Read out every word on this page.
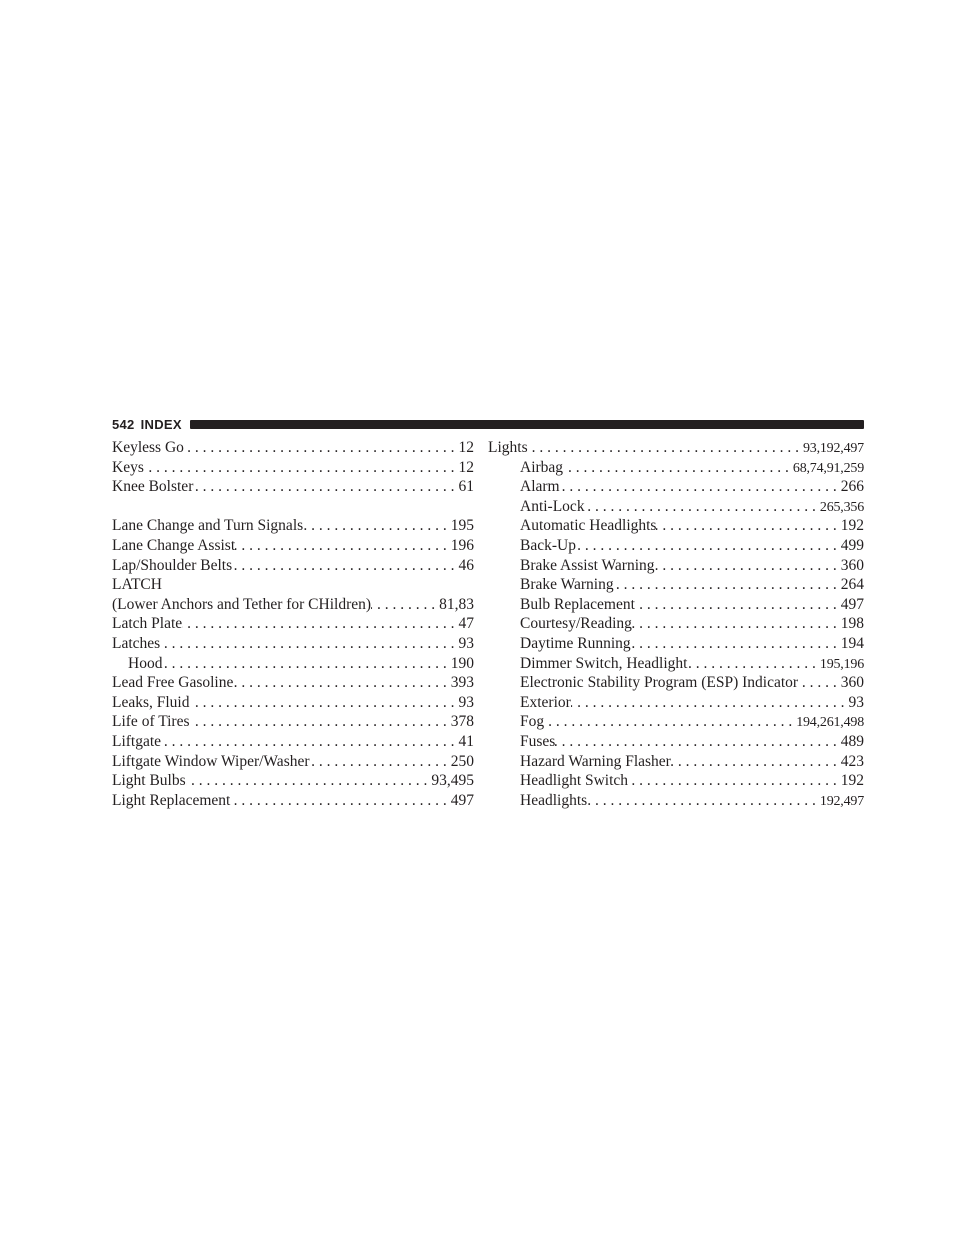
542 INDEX
Keyless Go . . .	12
Keys . . .	12
Knee Bolster . . .	61
Lane Change and Turn Signals . . .	195
Lane Change Assist . . .	196
Lap/Shoulder Belts . . .	46
LATCH
(Lower Anchors and Tether for CHildren) . . .	81,83
Latch Plate . . .	47
Latches . . .	93
Hood . . .	190
Lead Free Gasoline . . .	393
Leaks, Fluid . . .	93
Life of Tires . . .	378
Liftgate . . .	41
Liftgate Window Wiper/Washer . . .	250
Light Bulbs . . .	93,495
Light Replacement . . .	497
Lights . . .	93,192,497
Airbag . . .	68,74,91,259
Alarm . . .	266
Anti-Lock . . .	265,356
Automatic Headlights . . .	192
Back-Up . . .	499
Brake Assist Warning . . .	360
Brake Warning . . .	264
Bulb Replacement . . .	497
Courtesy/Reading . . .	198
Daytime Running . . .	194
Dimmer Switch, Headlight . . .	195,196
Electronic Stability Program (ESP) Indicator . . .	360
Exterior . . .	93
Fog . . .	194,261,498
Fuses . . .	489
Hazard Warning Flasher . . .	423
Headlight Switch . . .	192
Headlights . . .	192,497
